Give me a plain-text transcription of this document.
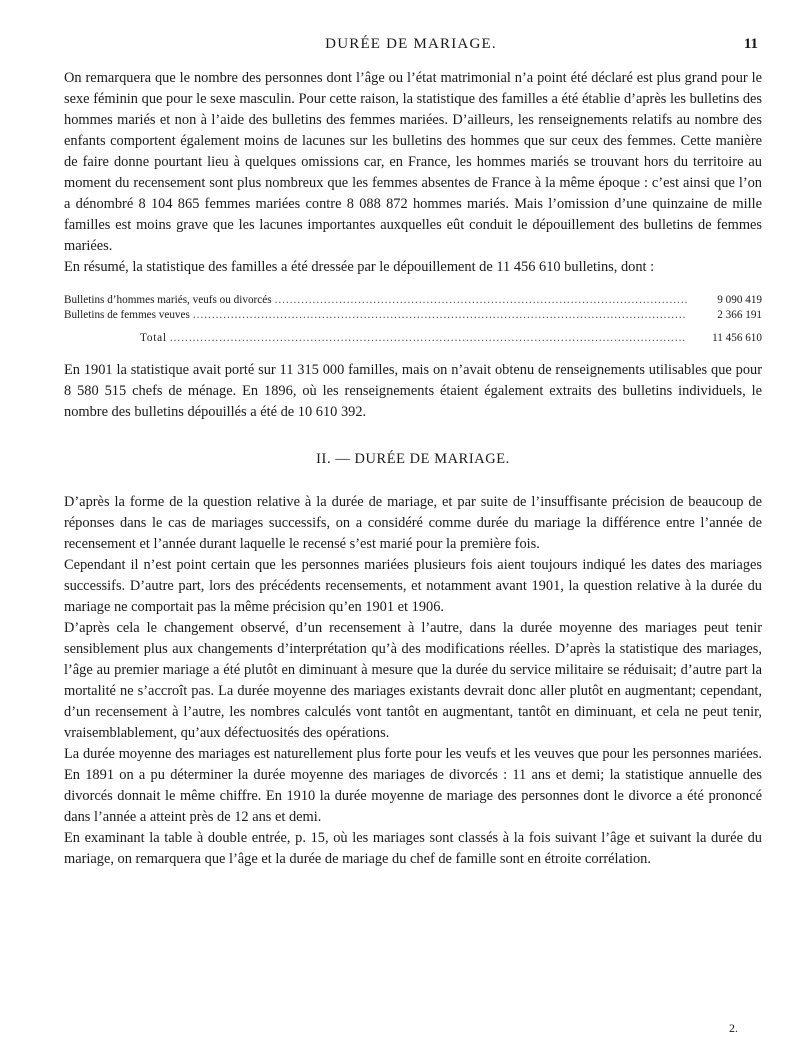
DURÉE DE MARIAGE.	11

On remarquera que le nombre des personnes dont l’âge ou l’état matrimonial n’a point été déclaré est plus grand pour le sexe féminin que pour le sexe masculin. Pour cette raison, la statistique des familles a été établie d’après les bulletins des hommes mariés et non à l’aide des bulletins des femmes mariées. D’ailleurs, les renseignements relatifs au nombre des enfants comportent également moins de lacunes sur les bulletins des hommes que sur ceux des femmes. Cette manière de faire donne pourtant lieu à quelques omissions car, en France, les hommes mariés se trouvant hors du territoire au moment du recensement sont plus nombreux que les femmes absentes de France à la même époque : c’est ainsi que l’on a dénombré 8 104 865 femmes mariées contre 8 088 872 hommes mariés. Mais l’omission d’une quinzaine de mille familles est moins grave que les lacunes importantes auxquelles eût conduit le dépouillement des bulletins de femmes mariées.

En résumé, la statistique des familles a été dressée par le dépouillement de 11 456 610 bulletins, dont :

Bulletins d’hommes mariés, veufs ou divorcés .....	9 090 419
Bulletins de femmes veuves .....	2 366 191
Total .....	11 456 610

En 1901 la statistique avait porté sur 11 315 000 familles, mais on n’avait obtenu de renseignements utilisables que pour 8 580 515 chefs de ménage. En 1896, où les renseignements étaient également extraits des bulletins individuels, le nombre des bulletins dépouillés a été de 10 610 392.

II. — DURÉE DE MARIAGE.

D’après la forme de la question relative à la durée de mariage, et par suite de l’insuffisante précision de beaucoup de réponses dans le cas de mariages successifs, on a considéré comme durée du mariage la différence entre l’année de recensement et l’année durant laquelle le recensé s’est marié pour la première fois.

Cependant il n’est point certain que les personnes mariées plusieurs fois aient toujours indiqué les dates des mariages successifs. D’autre part, lors des précédents recensements, et notamment avant 1901, la question relative à la durée du mariage ne comportait pas la même précision qu’en 1901 et 1906.

D’après cela le changement observé, d’un recensement à l’autre, dans la durée moyenne des mariages peut tenir sensiblement plus aux changements d’interprétation qu’à des modifications réelles. D’après la statistique des mariages, l’âge au premier mariage a été plutôt en diminuant à mesure que la durée du service militaire se réduisait; d’autre part la mortalité ne s’accroît pas. La durée moyenne des mariages existants devrait donc aller plutôt en augmentant; cependant, d’un recensement à l’autre, les nombres calculés vont tantôt en augmentant, tantôt en diminuant, et cela ne peut tenir, vraisemblablement, qu’aux défectuosités des opérations.

La durée moyenne des mariages est naturellement plus forte pour les veufs et les veuves que pour les personnes mariées. En 1891 on a pu déterminer la durée moyenne des mariages de divorcés : 11 ans et demi; la statistique annuelle des divorcés donnait le même chiffre. En 1910 la durée moyenne de mariage des personnes dont le divorce a été prononcé dans l’année a atteint près de 12 ans et demi.

En examinant la table à double entrée, p. 15, où les mariages sont classés à la fois suivant l’âge et suivant la durée du mariage, on remarquera que l’âge et la durée de mariage du chef de famille sont en étroite corrélation.

2.
